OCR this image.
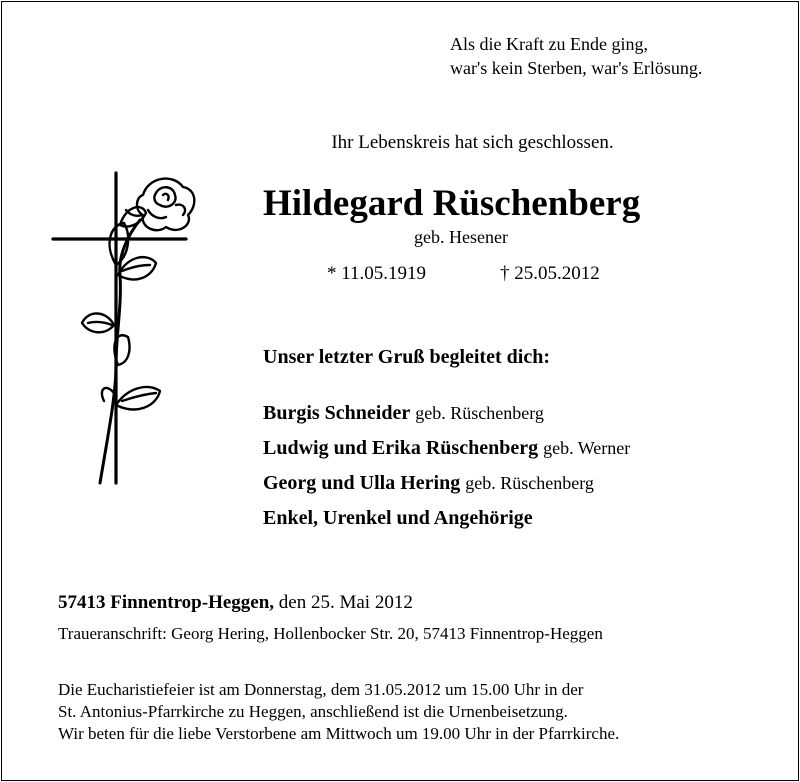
Als die Kraft zu Ende ging,
war's kein Sterben, war's Erlösung.
Ihr Lebenskreis hat sich geschlossen.
Hildegard Rüschenberg
geb. Hesener
* 11.05.1919	† 25.05.2012
Unser letzter Gruß begleitet dich:
Burgis Schneider geb. Rüschenberg
Ludwig und Erika Rüschenberg geb. Werner
Georg und Ulla Hering geb. Rüschenberg
Enkel, Urenkel und Angehörige
57413 Finnentrop-Heggen, den 25. Mai 2012
Traueranschrift: Georg Hering, Hollenbocker Str. 20, 57413 Finnentrop-Heggen
Die Eucharistiefeier ist am Donnerstag, dem 31.05.2012 um 15.00 Uhr in der
St. Antonius-Pfarrkirche zu Heggen, anschließend ist die Urnenbeisetzung.
Wir beten für die liebe Verstorbene am Mittwoch um 19.00 Uhr in der Pfarrkirche.
